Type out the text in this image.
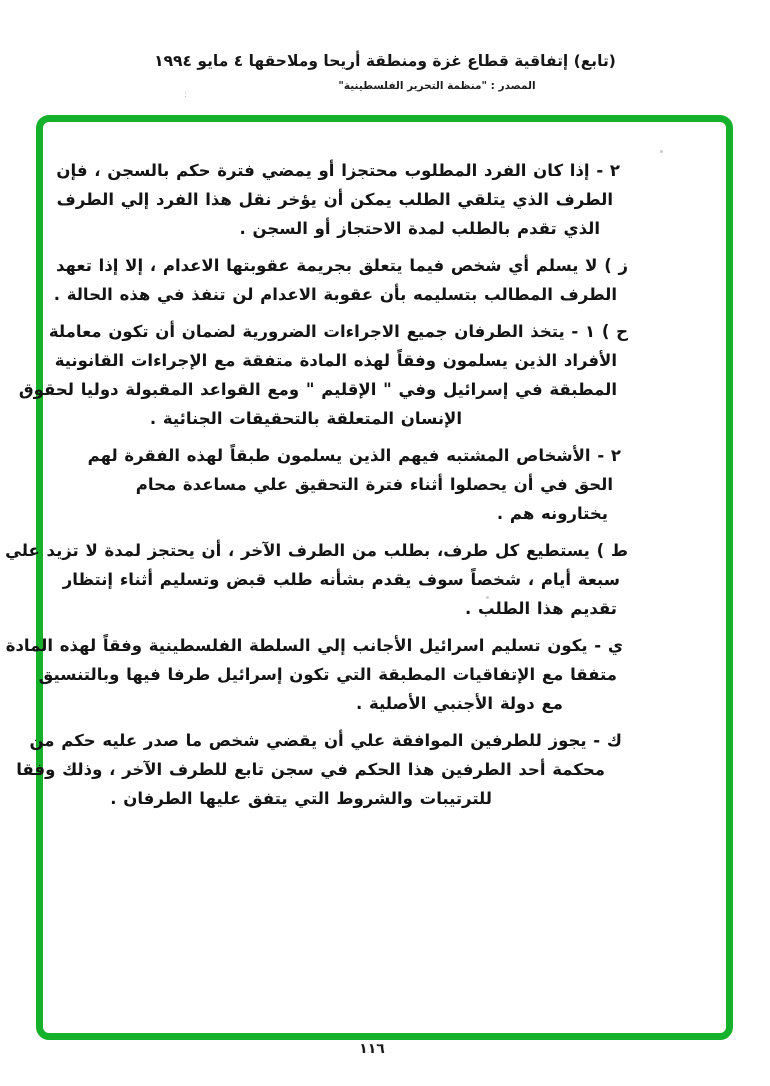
(تابع) إتفاقية قطاع غزة ومنطقة أريحا وملاحقها ٤ مايو ١٩٩٤
المصدر : "منظمة التحرير الفلسطينية"
:
٢ - إذا كان الفرد المطلوب محتجزا أو يمضي فترة حكم بالسجن ، فإن
الطرف الذي يتلقي الطلب يمكن أن يؤخر نقل هذا الفرد إلي الطرف
الذي تقدم بالطلب لمدة الاحتجاز أو السجن .
ز ) لا يسلم أي شخص فيما يتعلق بجريمة عقوبتها الاعدام ، إلا إذا تعهد
الطرف المطالب بتسليمه بأن عقوبة الاعدام لن تنفذ في هذه الحالة .
ح ) ١ - يتخذ الطرفان جميع الاجراءات الضرورية لضمان أن تكون معاملة
الأفراد الذين يسلمون وفقاً لهذه المادة متفقة مع الإجراءات القانونية
المطبقة في إسرائيل وفي " الإقليم " ومع القواعد المقبولة دوليا لحقوق
الإنسان المتعلقة بالتحقيقات الجنائية .
٢ - الأشخاص المشتبه فيهم الذين يسلمون طبقاً لهذه الفقرة لهم
الحق في أن يحصلوا أثناء فترة التحقيق علي مساعدة محام
يختارونه هم .
ط ) يستطيع كل طرف، بطلب من الطرف الآخر ، أن يحتجز لمدة لا تزيد علي
سبعة أيام ، شخصاً سوف يقدم بشأنه طلب قبض وتسليم أثناء إنتظار
تقديم هذا الطلب .
ي - يكون تسليم اسرائيل الأجانب إلي السلطة الفلسطينية وفقاً لهذه المادة
متفقا مع الإتفاقيات المطبقة التي تكون إسرائيل طرفا فيها وبالتنسيق
مع دولة الأجنبي الأصلية .
ك - يجوز للطرفين الموافقة علي أن يقضي شخص ما صدر عليه حكم من
محكمة أحد الطرفين هذا الحكم في سجن تابع للطرف الآخر ، وذلك وفقا
للترتيبات والشروط التي يتفق عليها الطرفان .
١١٦
